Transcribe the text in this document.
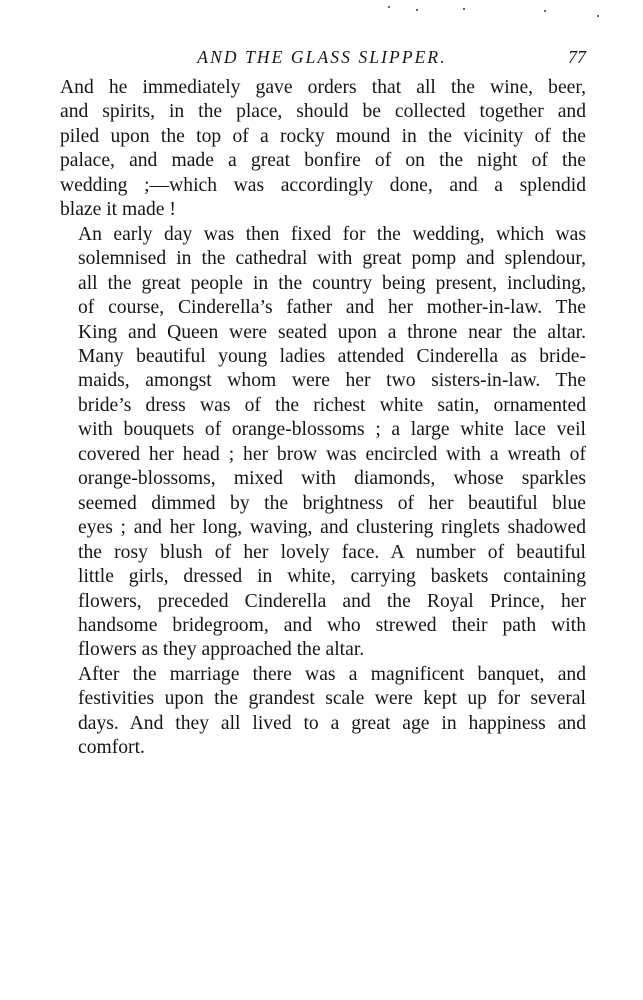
AND THE GLASS SLIPPER.	77

And he immediately gave orders that all the wine, beer,
and spirits, in the place, should be collected together and
piled upon the top of a rocky mound in the vicinity of the
palace, and made a great bonfire of on the night of the
wedding ;—which was accordingly done, and a splendid
blaze it made !

An early day was then fixed for the wedding, which was
solemnised in the cathedral with great pomp and splendour,
all the great people in the country being present, including,
of course, Cinderella’s father and her mother-in-law. The
King and Queen were seated upon a throne near the altar.
Many beautiful young ladies attended Cinderella as bride-
maids, amongst whom were her two sisters-in-law. The
bride’s dress was of the richest white satin, ornamented
with bouquets of orange-blossoms ; a large white lace veil
covered her head ; her brow was encircled with a wreath of
orange-blossoms, mixed with diamonds, whose sparkles
seemed dimmed by the brightness of her beautiful blue
eyes ; and her long, waving, and clustering ringlets shadowed
the rosy blush of her lovely face. A number of beautiful
little girls, dressed in white, carrying baskets containing
flowers, preceded Cinderella and the Royal Prince, her
handsome bridegroom, and who strewed their path with
flowers as they approached the altar.

After the marriage there was a magnificent banquet, and
festivities upon the grandest scale were kept up for several
days. And they all lived to a great age in happiness and
comfort.
